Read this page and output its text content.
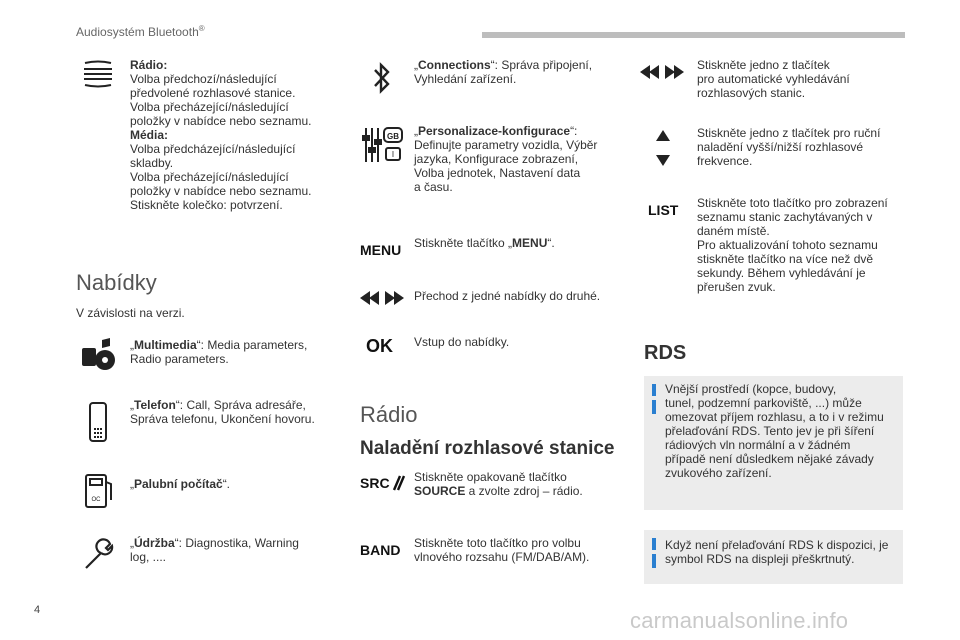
Audiosystém Bluetooth®
Rádio:
Volba předchozí/následující
předvolené rozhlasové stanice.
Volba přecházející/následující
položky v nabídce nebo seznamu.
Média:
Volba předcházející/následující
skladby.
Volba přecházející/následující
položky v nabídce nebo seznamu.
Stiskněte kolečko: potvrzení.
Nabídky
V závislosti na verzi.
„Multimedia“: Media parameters,
Radio parameters.
„Telefon“: Call, Správa adresáře,
Správa telefonu, Ukončení hovoru.
OC
„Palubní počítač“.
„Údržba“: Diagnostika, Warning
log, ....
„Connections“: Správa připojení,
Vyhledání zařízení.
GB
I
„Personalizace-konfigurace“:
Definujte parametry vozidla, Výběr
jazyka, Konfigurace zobrazení,
Volba jednotek, Nastavení data
a času.
MENU Stiskněte tlačítko „MENU“.
Přechod z jedné nabídky do druhé.
OK Vstup do nabídky.
Rádio
Naladění rozhlasové stanice
SRC Stiskněte opakovaně tlačítko
SOURCE a zvolte zdroj – rádio.
BAND Stiskněte toto tlačítko pro volbu
vlnového rozsahu (FM/DAB/AM).
Stiskněte jedno z tlačítek
pro automatické vyhledávání
rozhlasových stanic.
Stiskněte jedno z tlačítek pro ruční
naladění vyšší/nižší rozhlasové
frekvence.
LIST Stiskněte toto tlačítko pro zobrazení
seznamu stanic zachytávaných v
daném místě.
Pro aktualizování tohoto seznamu
stiskněte tlačítko na více než dvě
sekundy. Během vyhledávání je
přerušen zvuk.
RDS
Vnější prostředí (kopce, budovy,
tunel, podzemní parkoviště, ...) může
omezovat příjem rozhlasu, a to i v režimu
přelaďování RDS. Tento jev je při šíření
rádiových vln normální a v žádném
případě není důsledkem nějaké závady
zvukového zařízení.
Když není přelaďování RDS k dispozici, je
symbol RDS na displeji přeškrtnutý.
4	carmanualsonline.info
